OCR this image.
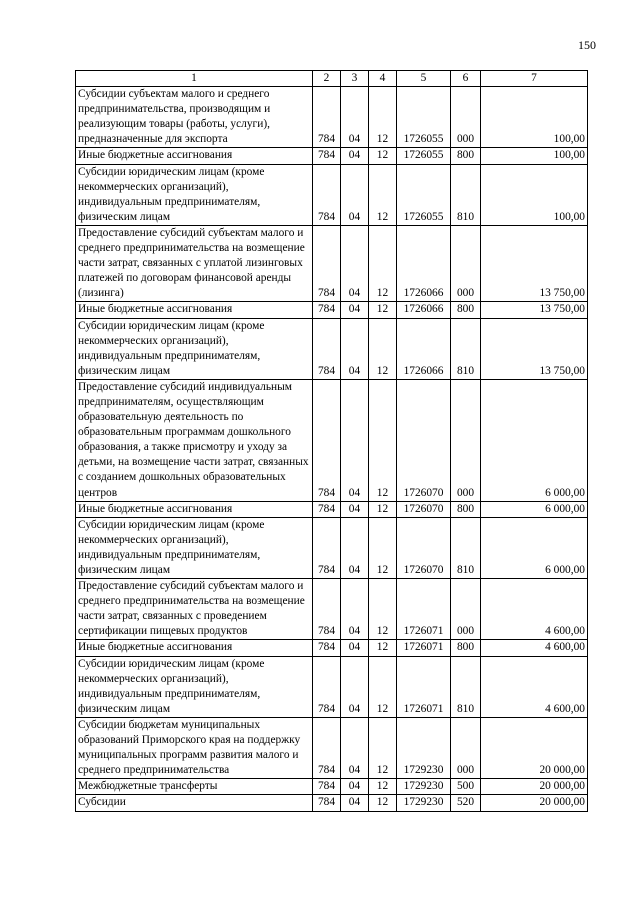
150
1	2	3	4	5	6	7
Субсидии субъектам малого и среднего предпринимательства, производящим и реализующим товары (работы, услуги), предназначенные для экспорта	784	04	12	1726055	000	100,00
Иные бюджетные ассигнования	784	04	12	1726055	800	100,00
Субсидии юридическим лицам (кроме некоммерческих организаций), индивидуальным предпринимателям, физическим лицам	784	04	12	1726055	810	100,00
Предоставление субсидий субъектам малого и среднего предпринимательства на возмещение части затрат, связанных с уплатой лизинговых платежей по договорам финансовой аренды (лизинга)	784	04	12	1726066	000	13 750,00
Иные бюджетные ассигнования	784	04	12	1726066	800	13 750,00
Субсидии юридическим лицам (кроме некоммерческих организаций), индивидуальным предпринимателям, физическим лицам	784	04	12	1726066	810	13 750,00
Предоставление субсидий индивидуальным предпринимателям, осуществляющим образовательную деятельность по образовательным программам дошкольного образования, а также присмотру и уходу за детьми, на возмещение части затрат, связанных с созданием дошкольных образовательных центров	784	04	12	1726070	000	6 000,00
Иные бюджетные ассигнования	784	04	12	1726070	800	6 000,00
Субсидии юридическим лицам (кроме некоммерческих организаций), индивидуальным предпринимателям, физическим лицам	784	04	12	1726070	810	6 000,00
Предоставление субсидий субъектам малого и среднего предпринимательства на возмещение части затрат, связанных с проведением сертификации пищевых продуктов	784	04	12	1726071	000	4 600,00
Иные бюджетные ассигнования	784	04	12	1726071	800	4 600,00
Субсидии юридическим лицам (кроме некоммерческих организаций), индивидуальным предпринимателям, физическим лицам	784	04	12	1726071	810	4 600,00
Субсидии бюджетам муниципальных образований Приморского края на поддержку муниципальных программ развития малого и среднего предпринимательства	784	04	12	1729230	000	20 000,00
Межбюджетные трансферты	784	04	12	1729230	500	20 000,00
Субсидии	784	04	12	1729230	520	20 000,00
